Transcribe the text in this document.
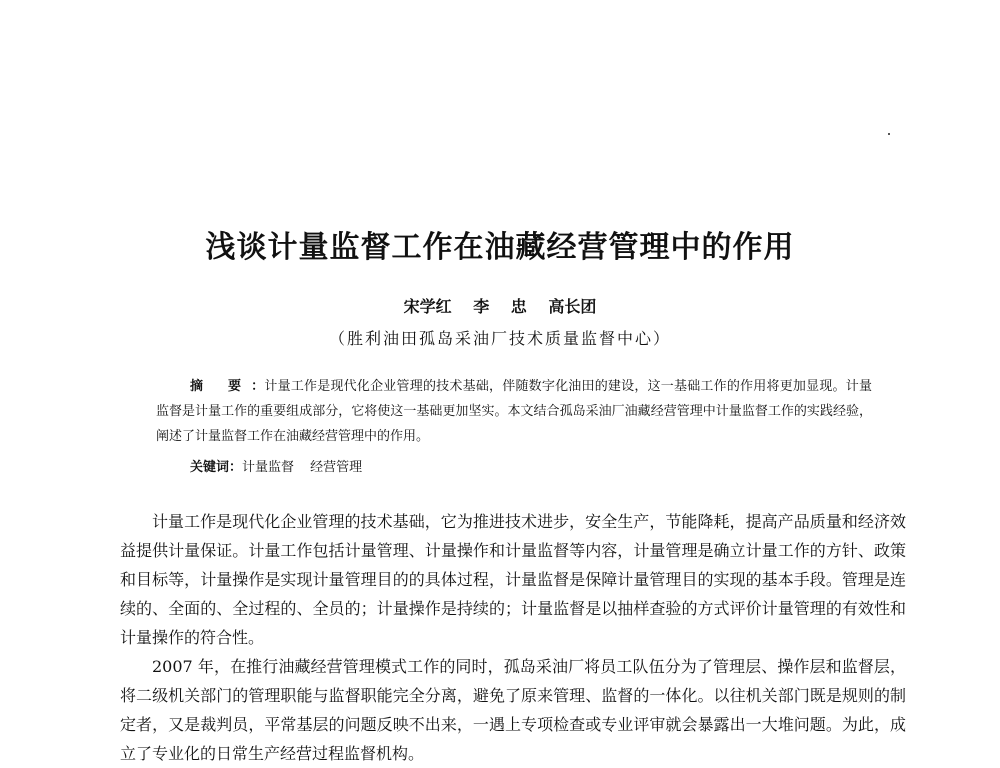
浅谈计量监督工作在油藏经营管理中的作用
宋学红 李 忠 高长团
（胜利油田孤岛采油厂技术质量监督中心）
摘 要：计量工作是现代化企业管理的技术基础，伴随数字化油田的建设，这一基础工作的作用将更加显现。计量监督是计量工作的重要组成部分，它将使这一基础更加坚实。本文结合孤岛采油厂油藏经营管理中计量监督工作的实践经验，阐述了计量监督工作在油藏经营管理中的作用。
关键词：计量监督 经营管理

计量工作是现代化企业管理的技术基础，它为推进技术进步，安全生产，节能降耗，提高产品质量和经济效益提供计量保证。计量工作包括计量管理、计量操作和计量监督等内容，计量管理是确立计量工作的方针、政策和目标等，计量操作是实现计量管理目的的具体过程，计量监督是保障计量管理目的实现的基本手段。管理是连续的、全面的、全过程的、全员的；计量操作是持续的；计量监督是以抽样查验的方式评价计量管理的有效性和计量操作的符合性。

2007 年，在推行油藏经营管理模式工作的同时，孤岛采油厂将员工队伍分为了管理层、操作层和监督层，将二级机关部门的管理职能与监督职能完全分离，避免了原来管理、监督的一体化。以往机关部门既是规则的制定者，又是裁判员，平常基层的问题反映不出来，一遇上专项检查或专业评审就会暴露出一大堆问题。为此，成立了专业化的日常生产经营过程监督机构。
